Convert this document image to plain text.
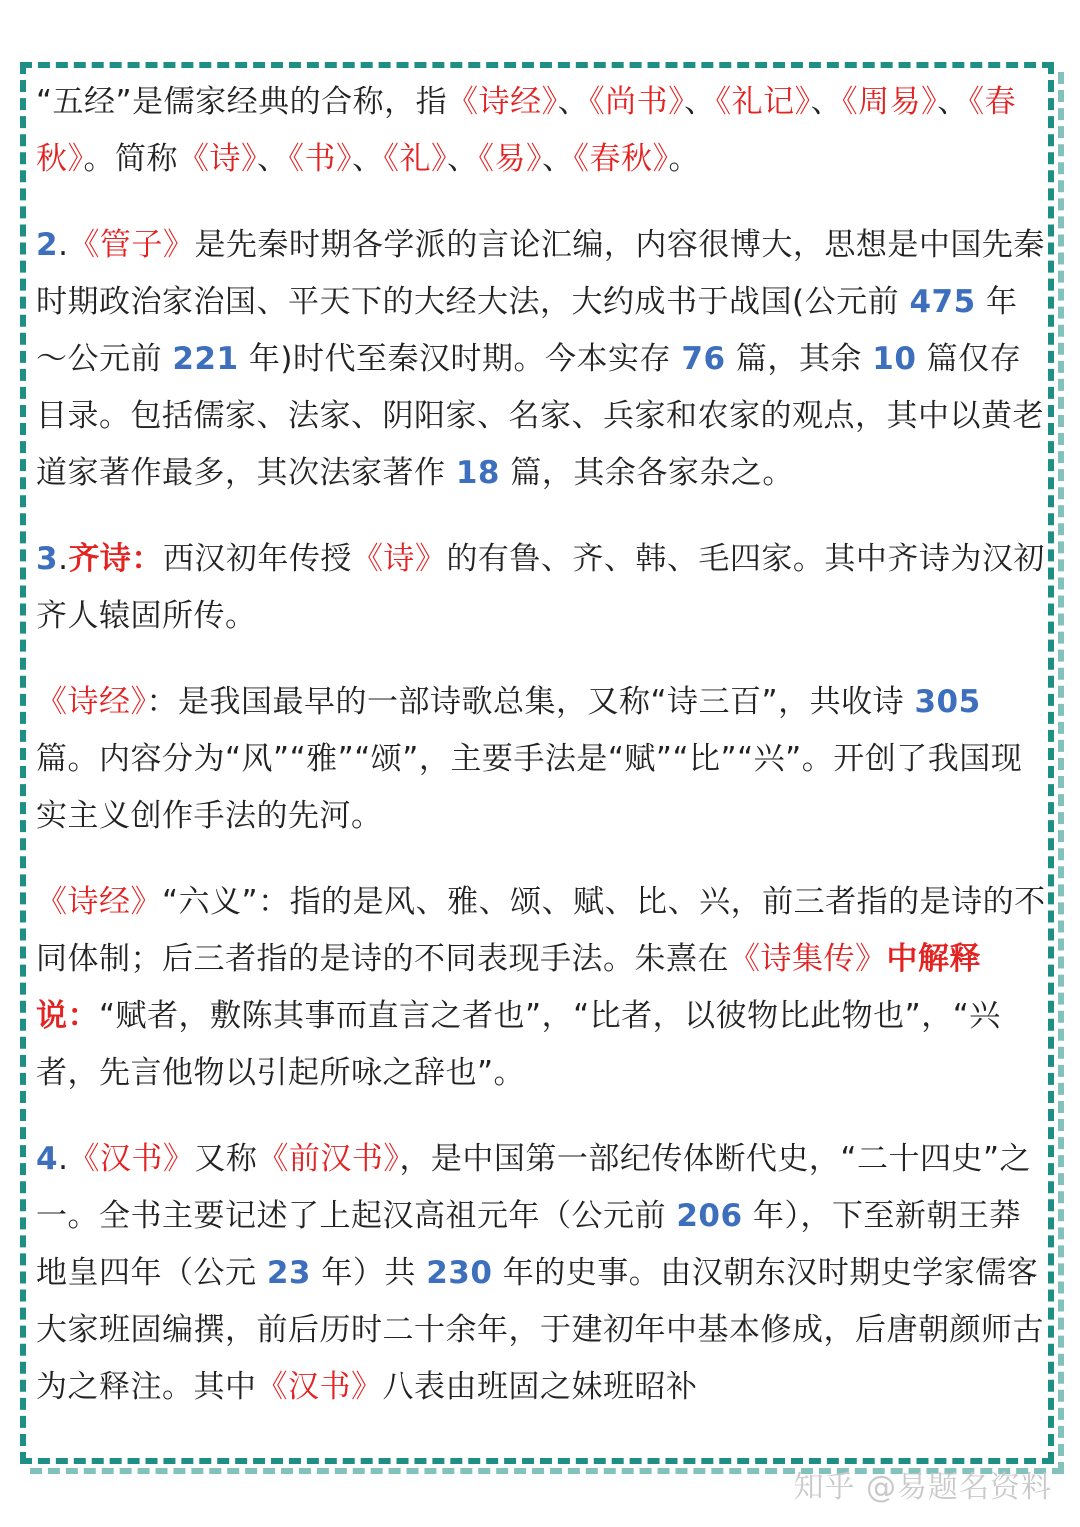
“五经”是儒家经典的合称，指《诗经》、《尚书》、《礼记》、《周易》、《春秋》。简称《诗》、《书》、《礼》、《易》、《春秋》。

2.《管子》是先秦时期各学派的言论汇编，内容很博大，思想是中国先秦时期政治家治国、平天下的大经大法，大约成书于战国(公元前 475 年～公元前 221 年)时代至秦汉时期。今本实存 76 篇，其余 10 篇仅存目录。包括儒家、法家、阴阳家、名家、兵家和农家的观点，其中以黄老道家著作最多，其次法家著作 18 篇，其余各家杂之。

3.齐诗：西汉初年传授《诗》的有鲁、齐、韩、毛四家。其中齐诗为汉初齐人辕固所传。

《诗经》：是我国最早的一部诗歌总集，又称“诗三百”，共收诗 305 篇。内容分为“风”“雅”“颂”，主要手法是“赋”“比”“兴”。开创了我国现实主义创作手法的先河。

《诗经》“六义”：指的是风、雅、颂、赋、比、兴，前三者指的是诗的不同体制；后三者指的是诗的不同表现手法。朱熹在《诗集传》中解释说：“赋者，敷陈其事而直言之者也”，“比者，以彼物比此物也”，“兴者，先言他物以引起所咏之辞也”。

4.《汉书》又称《前汉书》，是中国第一部纪传体断代史，“二十四史”之一。全书主要记述了上起汉高祖元年（公元前 206 年），下至新朝王莽地皇四年（公元 23 年）共 230 年的史事。由汉朝东汉时期史学家儒客大家班固编撰，前后历时二十余年，于建初年中基本修成，后唐朝颜师古为之释注。其中《汉书》八表由班固之妹班昭补

知乎 @易题名资料
